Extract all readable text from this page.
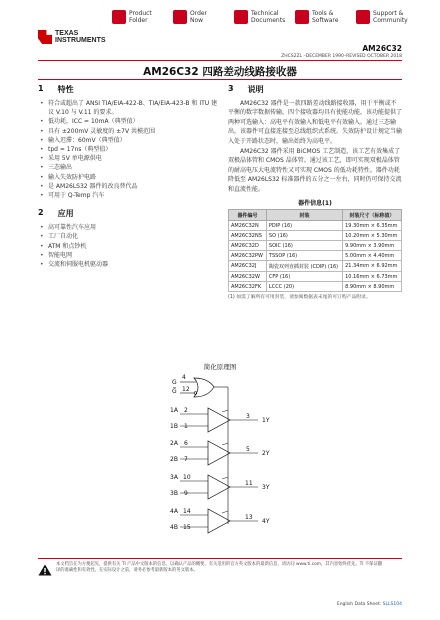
TEXAS
INSTRUMENTS
Product Folder
Order Now
Technical Documents
Tools & Software
Support & Community
AM26C32
ZHCS2ZL –DECEMBER 1990–REVISED OCTOBER 2018
AM26C32 四路差动线路接收器
1 特性
• 符合或超出了 ANSI TIA/EIA-422-B、TIA/EIA-423-B 和 ITU 建议 V.10 与 V.11 的要求。
• 低功耗，ICC = 10mA（典型值）
• 具有 ±200mV 灵敏度的 ±7V 共模范围
• 输入迟滞：60mV（典型值）
• tpd = 17ns（典型值）
• 采用 5V 单电源供电
• 三态输出
• 输入失效防护电路
• 是 AM26LS32 器件的改良替代品
• 可用于 Q-Temp 汽车
2 应用
• 高可靠性汽车应用
• 工厂自动化
• ATM 和点钞机
• 智能电网
• 交流和伺服电机驱动器
3 说明

AM26C32 器件是一款四路差动线路接收器，用于平衡或不平衡的数字数据传输。四个接收器均具有使能功能，该功能提供了两种可选输入：高电平有效输入和低电平有效输入。通过三态输出，该器件可直接连接至总线组织式系统。失效防护设计规定当输入处于开路状态时，输出始终为高电平。

AM26C32 器件采用 BiCMOS 工艺制造，该工艺有效集成了双极晶体管和 CMOS 晶体管。通过该工艺，即可实现双极晶体管的耐高电压大电流特性又可实现 CMOS 的低功耗特性。器件功耗降低至 AM26LS32 标准器件的五分之一左右，同时仍可保持交流和直流性能。

器件信息(1)
器件编号	封装	封装尺寸（标称值）
AM26C32N	PDIP (16)	19.30mm × 6.35mm
AM26C32NS	SO (16)	10.20mm × 5.30mm
AM26C32D	SOIC (16)	9.90mm × 3.90mm
AM26C32PW	TSSOP (16)	5.00mm × 4.40mm
AM26C32J	陶瓷双列直插封装 (CDIP) (16)	21.34mm × 6.92mm
AM26C32W	CFP (16)	10.16mm × 6.73mm
AM26C32FK	LCCC (20)	8.90mm × 8.90mm
(1) 如需了解所有可用封装，请参阅数据表末尾的可订购产品附录。
简化原理图
4
G
12
G̅
1A 2
1B 1
3
1Y
2A 6
2B 7
5
2Y
3A 10
3B 9
11
3Y
4A 14
4B 15
13
4Y
本文档旨在为方便起见，提供有关 TI 产品中文版本的信息，以确认产品的概要。有关适用的官方英文版本的最新信息，请访问 www.ti.com，其内容始终优先。TI 不保证翻译的准确性和有效性。在实际设计之前，请务必参考最新版本的英文版本。
English Data Sheet: SLLS104
